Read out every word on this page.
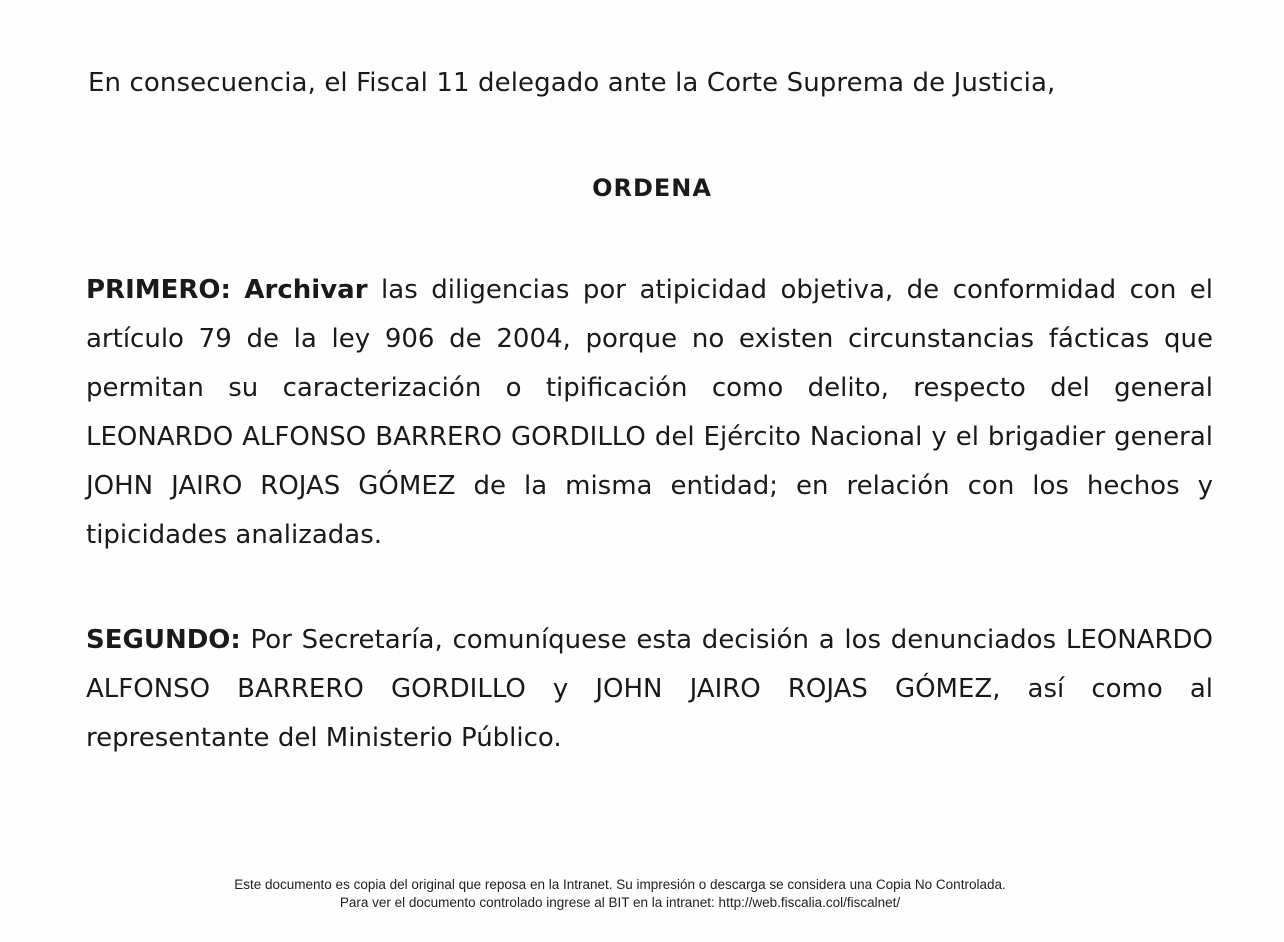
En consecuencia, el Fiscal 11 delegado ante la Corte Suprema de Justicia,
ORDENA
PRIMERO: Archivar las diligencias por atipicidad objetiva, de conformidad con el artículo 79 de la ley 906 de 2004, porque no existen circunstancias fácticas que permitan su caracterización o tipificación como delito, respecto del general LEONARDO ALFONSO BARRERO GORDILLO del Ejército Nacional y el brigadier general JOHN JAIRO ROJAS GÓMEZ de la misma entidad; en relación con los hechos y tipicidades analizadas.
SEGUNDO: Por Secretaría, comuníquese esta decisión a los denunciados LEONARDO ALFONSO BARRERO GORDILLO y JOHN JAIRO ROJAS GÓMEZ, así como al representante del Ministerio Público.
Este documento es copia del original que reposa en la Intranet. Su impresión o descarga se considera una Copia No Controlada.
Para ver el documento controlado ingrese al BIT en la intranet: http://web.fiscalia.col/fiscalnet/
